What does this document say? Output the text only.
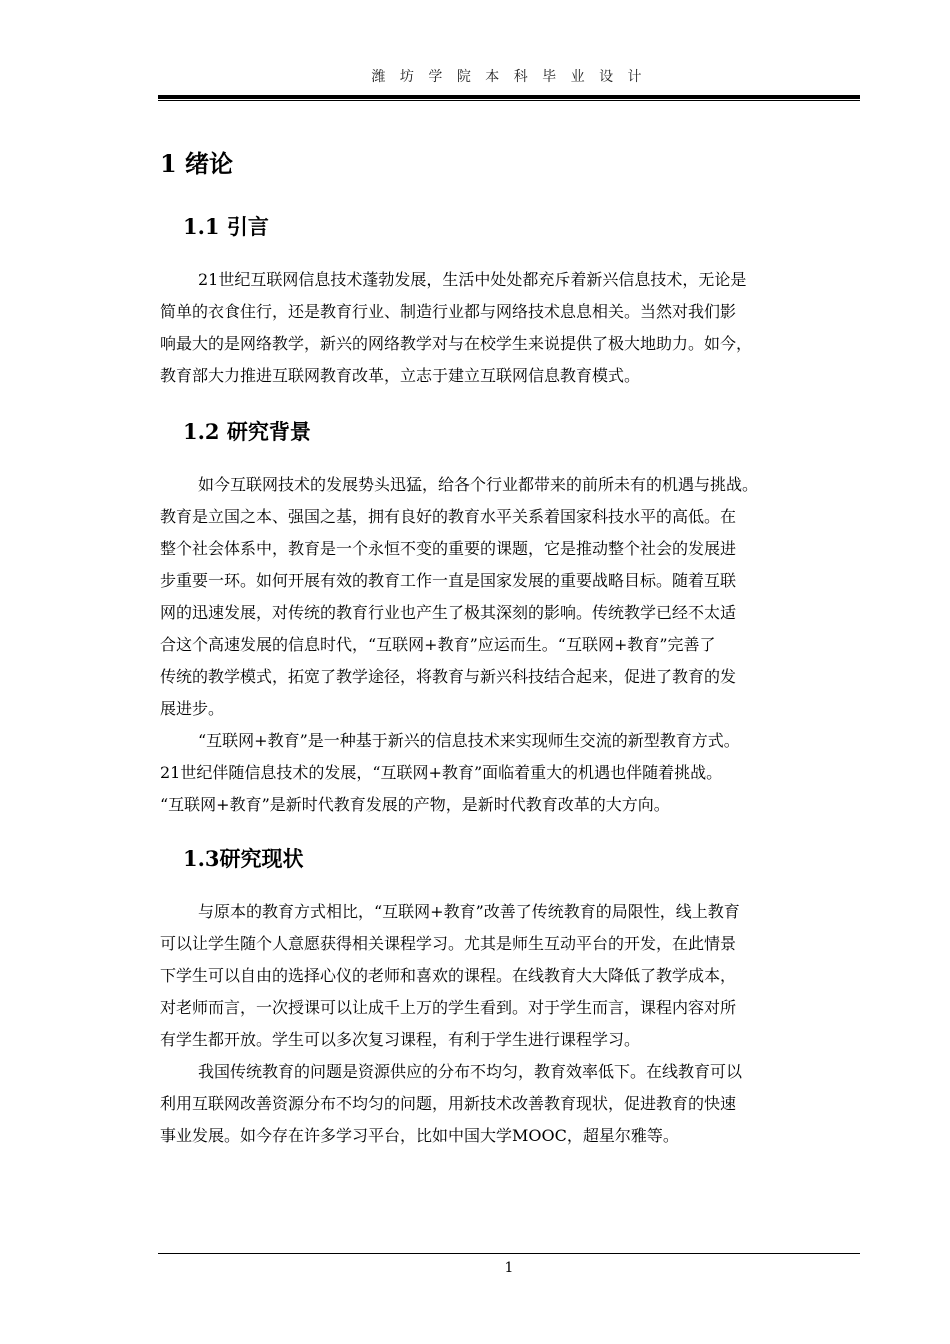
潍 坊 学 院 本 科 毕 业 设 计
1 绪论
1.1 引言
21世纪互联网信息技术蓬勃发展，生活中处处都充斥着新兴信息技术，无论是
简单的衣食住行，还是教育行业、制造行业都与网络技术息息相关。当然对我们影
响最大的是网络教学，新兴的网络教学对与在校学生来说提供了极大地助力。如今，
教育部大力推进互联网教育改革，立志于建立互联网信息教育模式。
1.2 研究背景
如今互联网技术的发展势头迅猛，给各个行业都带来的前所未有的机遇与挑战。
教育是立国之本、强国之基，拥有良好的教育水平关系着国家科技水平的高低。在
整个社会体系中，教育是一个永恒不变的重要的课题，它是推动整个社会的发展进
步重要一环。如何开展有效的教育工作一直是国家发展的重要战略目标。随着互联
网的迅速发展，对传统的教育行业也产生了极其深刻的影响。传统教学已经不太适
合这个高速发展的信息时代，“互联网+教育”应运而生。“互联网+教育”完善了
传统的教学模式，拓宽了教学途径，将教育与新兴科技结合起来，促进了教育的发
展进步。
“互联网+教育”是一种基于新兴的信息技术来实现师生交流的新型教育方式。
21世纪伴随信息技术的发展，“互联网+教育”面临着重大的机遇也伴随着挑战。
“互联网+教育”是新时代教育发展的产物，是新时代教育改革的大方向。
1.3研究现状
与原本的教育方式相比，“互联网+教育”改善了传统教育的局限性，线上教育
可以让学生随个人意愿获得相关课程学习。尤其是师生互动平台的开发，在此情景
下学生可以自由的选择心仪的老师和喜欢的课程。在线教育大大降低了教学成本，
对老师而言，一次授课可以让成千上万的学生看到。对于学生而言，课程内容对所
有学生都开放。学生可以多次复习课程，有利于学生进行课程学习。
我国传统教育的问题是资源供应的分布不均匀，教育效率低下。在线教育可以
利用互联网改善资源分布不均匀的问题，用新技术改善教育现状，促进教育的快速
事业发展。如今存在许多学习平台，比如中国大学MOOC，超星尔雅等。
1
